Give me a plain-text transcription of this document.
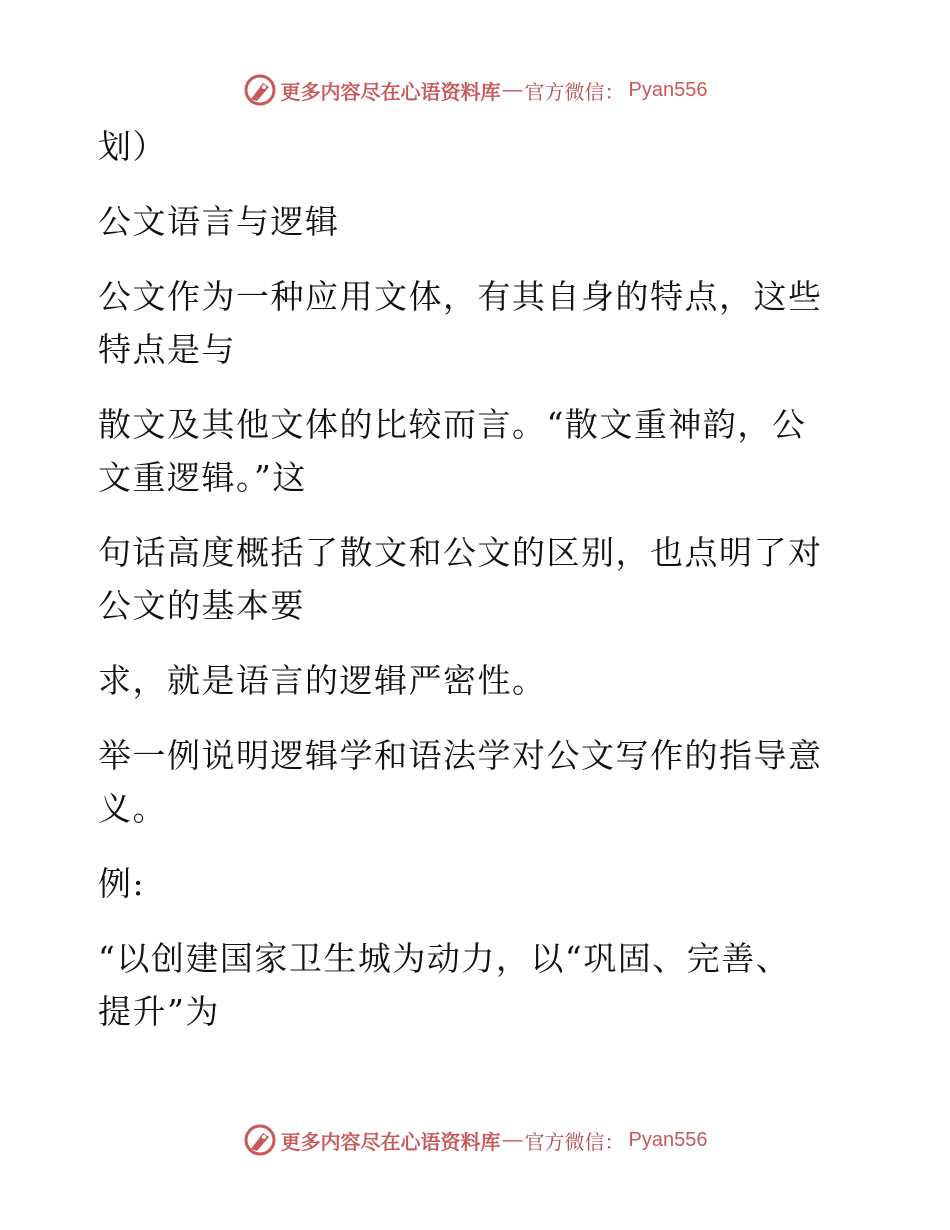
更多内容尽在心语资料库 — 官方微信： Pyan556

划）

公文语言与逻辑

公文作为一种应用文体，有其自身的特点，这些

特点是与

散文及其他文体的比较而言。“散文重神韵，公

文重逻辑。”这

句话高度概括了散文和公文的区别，也点明了对

公文的基本要

求，就是语言的逻辑严密性。

举一例说明逻辑学和语法学对公文写作的指导意

义。

例:

“以创建国家卫生城为动力，以“巩固、完善、

提升”为

更多内容尽在心语资料库 — 官方微信： Pyan556
